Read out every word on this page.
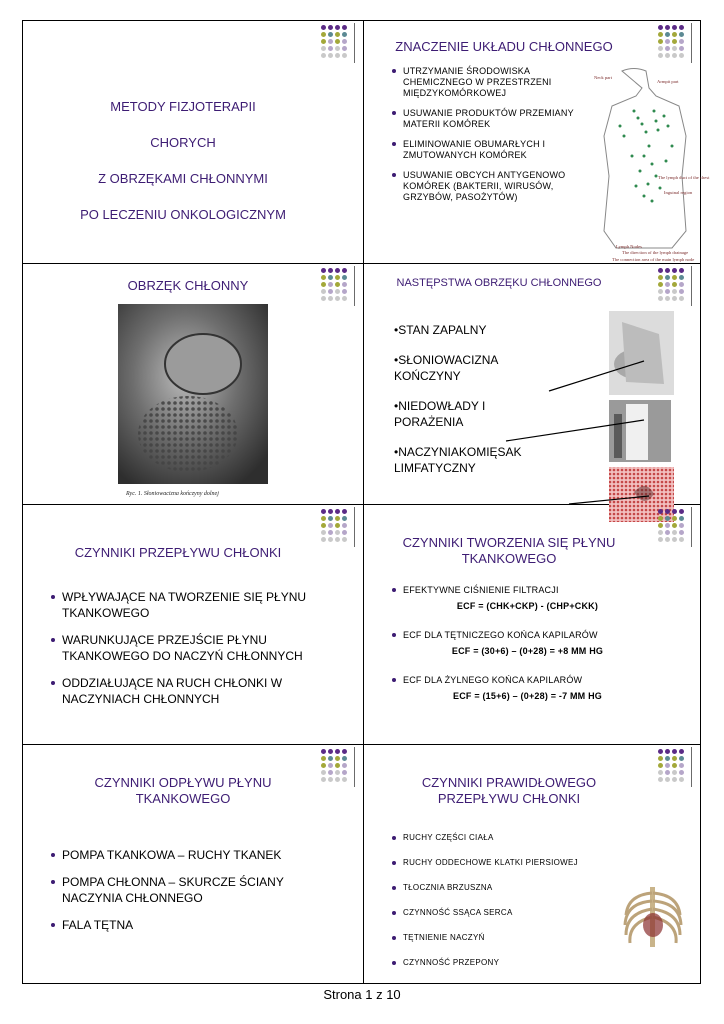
METODY FIZJOTERAPII
CHORYCH
Z OBRZĘKAMI CHŁONNYMI
PO LECZENIU ONKOLOGICZNYM
ZNACZENIE UKŁADU CHŁONNEGO
UTRZYMANIE ŚRODOWISKA CHEMICZNEGO W PRZESTRZENI MIĘDZYKOMÓRKOWEJ
USUWANIE PRODUKTÓW PRZEMIANY MATERII KOMÓREK
ELIMINOWANIE OBUMARŁYCH I ZMUTOWANYCH KOMÓREK
USUWANIE OBCYCH ANTYGENOWO KOMÓREK (BAKTERII, WIRUSÓW, GRZYBÓW, PASOŻYTÓW)
Neck part
Armpit part
The lymph duct of the chest
Inguinal region
Lymph Nodes
The direction of the lymph drainage
The connection area of the main lymph node
OBRZĘK CHŁONNY
Ryc. 1. Słoniowacizna kończyny dolnej
NASTĘPSTWA OBRZĘKU CHŁONNEGO
•STAN ZAPALNY
•SŁONIOWACIZNA KOŃCZYNY
•NIEDOWŁADY I PORAŻENIA
•NACZYNIAKOMIĘSAK LIMFATYCZNY
CZYNNIKI PRZEPŁYWU CHŁONKI
WPŁYWAJĄCE NA TWORZENIE SIĘ PŁYNU TKANKOWEGO
WARUNKUJĄCE PRZEJŚCIE PŁYNU TKANKOWEGO DO NACZYŃ CHŁONNYCH
ODDZIAŁUJĄCE NA RUCH CHŁONKI W NACZYNIACH CHŁONNYCH
CZYNNIKI TWORZENIA SIĘ PŁYNU TKANKOWEGO
EFEKTYWNE CIŚNIENIE FILTRACJI
ECF = (CHK+CKP) - (CHP+CKK)
ECF DLA TĘTNICZEGO KOŃCA KAPILARÓW
ECF = (30+6) – (0+28) = +8 MM HG
ECF DLA ŻYLNEGO KOŃCA KAPILARÓW
ECF = (15+6) – (0+28) = -7 MM HG
CZYNNIKI ODPŁYWU PŁYNU TKANKOWEGO
POMPA TKANKOWA – RUCHY TKANEK
POMPA CHŁONNA – SKURCZE ŚCIANY NACZYNIA CHŁONNEGO
FALA TĘTNA
CZYNNIKI PRAWIDŁOWEGO PRZEPŁYWU CHŁONKI
RUCHY CZĘŚCI CIAŁA
RUCHY ODDECHOWE KLATKI PIERSIOWEJ
TŁOCZNIA BRZUSZNA
CZYNNOŚĆ SSĄCA SERCA
TĘTNIENIE NACZYŃ
CZYNNOŚĆ PRZEPONY
Strona 1 z 10
